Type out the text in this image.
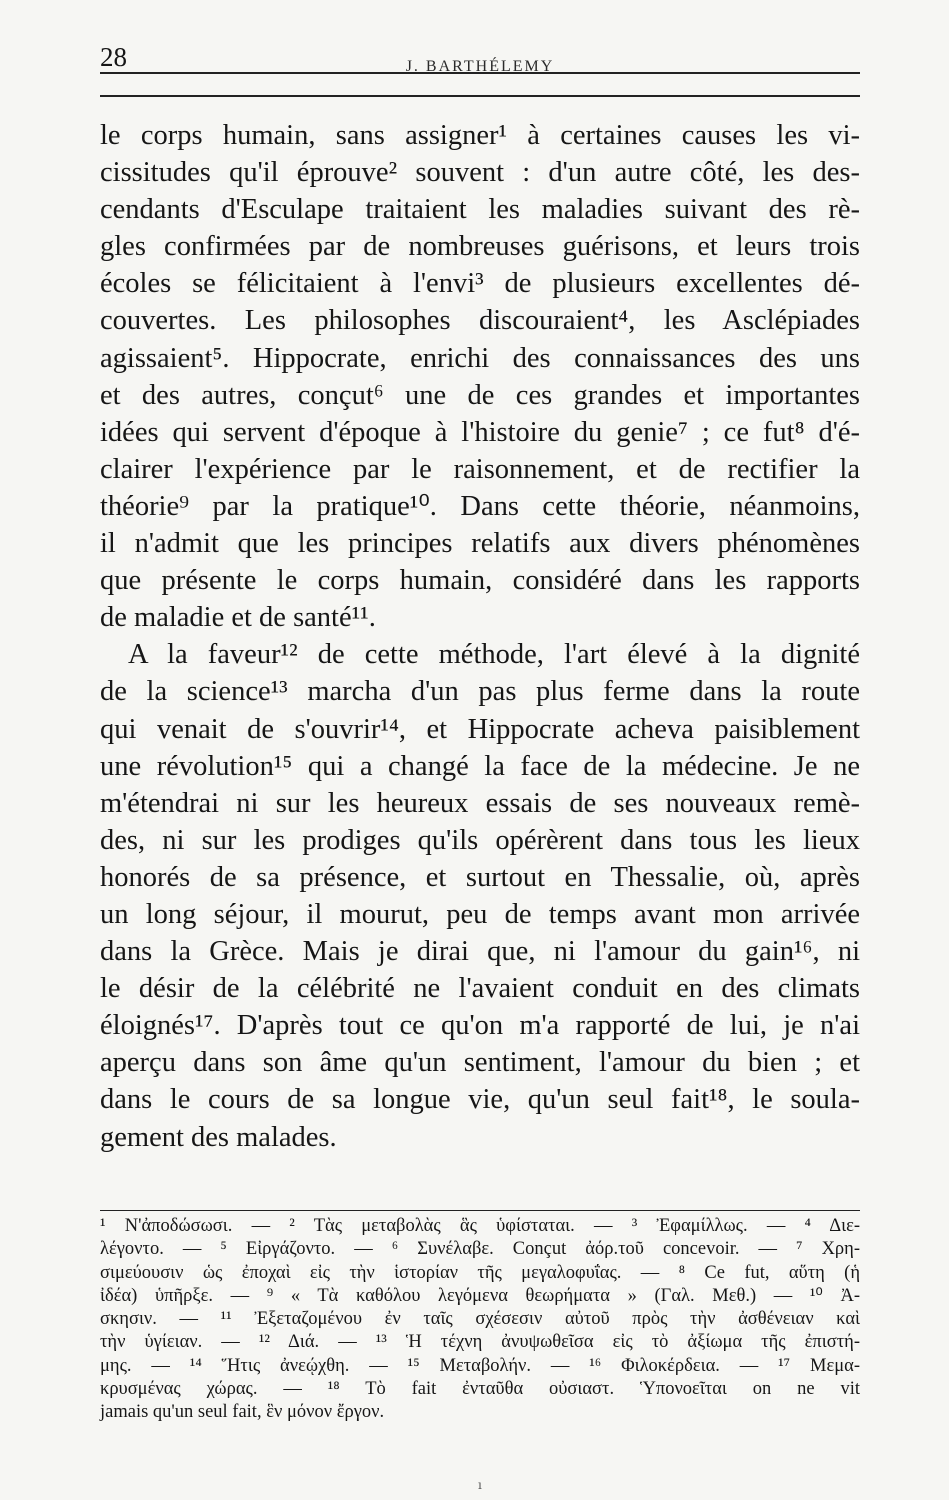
28	J. BARTHÉLEMY
le corps humain, sans assigner¹ à certaines causes les vi-
cissitudes qu'il éprouve² souvent : d'un autre côté, les des-
cendants d'Esculape traitaient les maladies suivant des rè-
gles confirmées par de nombreuses guérisons, et leurs trois
écoles se félicitaient à l'envi³ de plusieurs excellentes dé-
couvertes. Les philosophes discouraient⁴, les Asclépiades
agissaient⁵. Hippocrate, enrichi des connaissances des uns
et des autres, conçut⁶ une de ces grandes et importantes
idées qui servent d'époque à l'histoire du genie⁷ ; ce fut⁸ d'é-
clairer l'expérience par le raisonnement, et de rectifier la
théorie⁹ par la pratique¹⁰. Dans cette théorie, néanmoins,
il n'admit que les principes relatifs aux divers phénomènes
que présente le corps humain, considéré dans les rapports
de maladie et de santé¹¹.
A la faveur¹² de cette méthode, l'art élevé à la dignité
de la science¹³ marcha d'un pas plus ferme dans la route
qui venait de s'ouvrir¹⁴, et Hippocrate acheva paisiblement
une révolution¹⁵ qui a changé la face de la médecine. Je ne
m'étendrai ni sur les heureux essais de ses nouveaux remè-
des, ni sur les prodiges qu'ils opérèrent dans tous les lieux
honorés de sa présence, et surtout en Thessalie, où, après
un long séjour, il mourut, peu de temps avant mon arrivée
dans la Grèce. Mais je dirai que, ni l'amour du gain¹⁶, ni
le désir de la célébrité ne l'avaient conduit en des climats
éloignés¹⁷. D'après tout ce qu'on m'a rapporté de lui, je n'ai
aperçu dans son âme qu'un sentiment, l'amour du bien ; et
dans le cours de sa longue vie, qu'un seul fait¹⁸, le soula-
gement des malades.
¹ N'ἀποδώσωσι. — ² Τὰς μεταβολὰς ἃς ὑφίσταται. — ³ Ἐφαμίλλως. — ⁴ Διε-
λέγοντο. — ⁵ Εἰργάζοντο. — ⁶ Συνέλαβε. Conçut ἀόρ.τοῦ concevoir. — ⁷ Χρη-
σιμεύουσιν ὡς ἐποχαὶ εἰς τὴν ἱστορίαν τῆς μεγαλοφυΐας. — ⁸ Ce fut, αὕτη (ἡ
ἰδέα) ὑπῆρξε. — ⁹ « Τὰ καθόλου λεγόμενα θεωρήματα » (Γαλ. Μεθ.) — ¹⁰ Ἀ-
σκησιν. — ¹¹ Ἐξεταζομένου ἐν ταῖς σχέσεσιν αὐτοῦ πρὸς τὴν ἀσθένειαν καὶ
τὴν ὑγίειαν. — ¹² Διά. — ¹³ Ἡ τέχνη ἀνυψωθεῖσα εἰς τὸ ἀξίωμα τῆς ἐπιστή-
μης. — ¹⁴ Ἥτις ἀνεῴχθη. — ¹⁵ Μεταβολήν. — ¹⁶ Φιλοκέρδεια. — ¹⁷ Μεμα-
κρυσμένας χώρας. — ¹⁸ Τὸ fait ἐνταῦθα οὐσιαστ. Ὑπονοεῖται on ne vit
jamais qu'un seul fait, ἓν μόνον ἔργον.
ı
